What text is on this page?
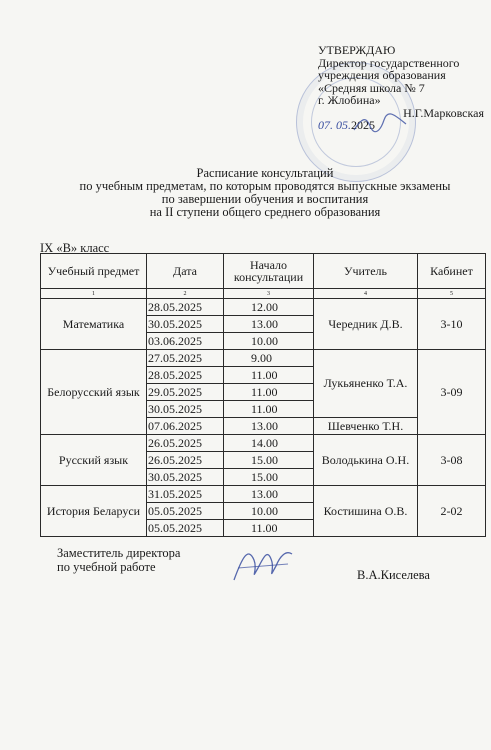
УТВЕРЖДАЮ
Директор государственного
учреждения образования
«Средняя школа № 7
г. Жлобина»
Н.Г.Марковская
07. 05.2025
Расписание консультаций
по учебным предметам, по которым проводятся выпускные экзамены
по завершении обучения и воспитания
на II ступени общего среднего образования
IX «В» класс
Учебный предмет	Дата	Начало консультации	Учитель	Кабинет
1	2	3	4	5
Математика	28.05.2025	12.00	Чередник Д.В.	3-10
	30.05.2025	13.00		
	03.06.2025	10.00		
Белорусский язык	27.05.2025	9.00	Лукьяненко Т.А.	3-09
	28.05.2025	11.00		
	29.05.2025	11.00		
	30.05.2025	11.00		
	07.06.2025	13.00	Шевченко Т.Н.	
Русский язык	26.05.2025	14.00	Володькина О.Н.	3-08
	26.05.2025	15.00		
	30.05.2025	15.00		
История Беларуси	31.05.2025	13.00	Костишина О.В.	2-02
	05.05.2025	10.00		
	05.05.2025	11.00		
Заместитель директора
по учебной работе
В.А.Киселева
